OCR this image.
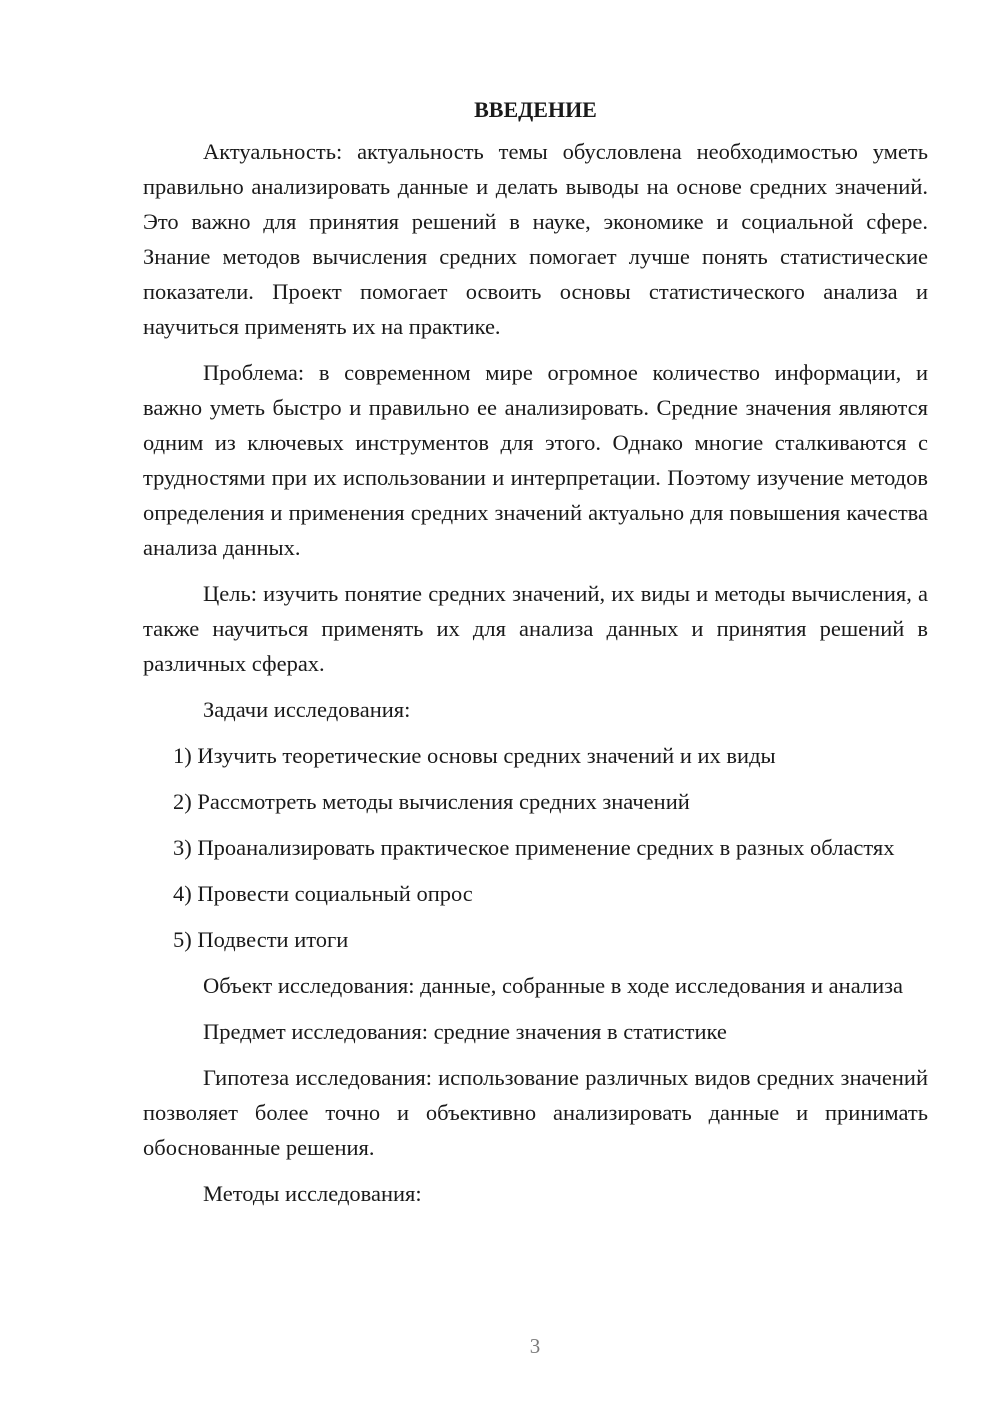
ВВЕДЕНИЕ

Актуальность: актуальность темы обусловлена необходимостью уметь правильно анализировать данные и делать выводы на основе средних значений. Это важно для принятия решений в науке, экономике и социальной сфере. Знание методов вычисления средних помогает лучше понять статистические показатели. Проект помогает освоить основы статистического анализа и научиться применять их на практике.

Проблема: в современном мире огромное количество информации, и важно уметь быстро и правильно ее анализировать. Средние значения являются одним из ключевых инструментов для этого. Однако многие сталкиваются с трудностями при их использовании и интерпретации. Поэтому изучение методов определения и применения средних значений актуально для повышения качества анализа данных.

Цель: изучить понятие средних значений, их виды и методы вычисления, а также научиться применять их для анализа данных и принятия решений в различных сферах.

Задачи исследования:

1) Изучить теоретические основы средних значений и их виды

2) Рассмотреть методы вычисления средних значений

3) Проанализировать практическое применение средних в разных областях

4) Провести социальный опрос

5) Подвести итоги

Объект исследования: данные, собранные в ходе исследования и анализа

Предмет исследования: средние значения в статистике

Гипотеза исследования: использование различных видов средних значений позволяет более точно и объективно анализировать данные и принимать обоснованные решения.

Методы исследования:

3
